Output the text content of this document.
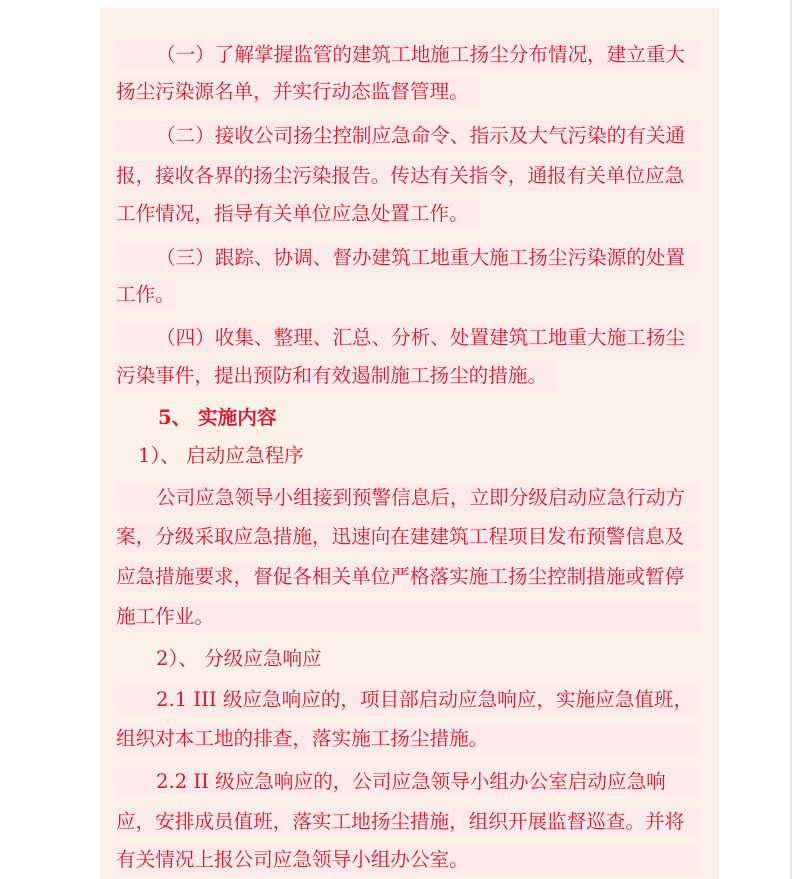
（一）了解掌握监管的建筑工地施工扬尘分布情况，建立重大
扬尘污染源名单，并实行动态监督管理。
（二）接收公司扬尘控制应急命令、指示及大气污染的有关通
报，接收各界的扬尘污染报告。传达有关指令，通报有关单位应急
工作情况，指导有关单位应急处置工作。
（三）跟踪、协调、督办建筑工地重大施工扬尘污染源的处置
工作。
（四）收集、整理、汇总、分析、处置建筑工地重大施工扬尘
污染事件，提出预防和有效遏制施工扬尘的措施。
5、 实施内容
1）、 启动应急程序
公司应急领导小组接到预警信息后，立即分级启动应急行动方
案，分级采取应急措施，迅速向在建建筑工程项目发布预警信息及
应急措施要求，督促各相关单位严格落实施工扬尘控制措施或暂停
施工作业。
2）、 分级应急响应
2.1 III 级应急响应的，项目部启动应急响应，实施应急值班，
组织对本工地的排查，落实施工扬尘措施。
2.2 II 级应急响应的，公司应急领导小组办公室启动应急响
应，安排成员值班，落实工地扬尘措施，组织开展监督巡查。并将
有关情况上报公司应急领导小组办公室。
